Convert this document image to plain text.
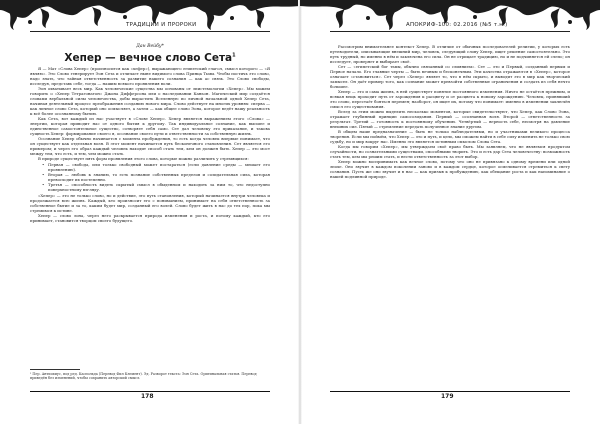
ТРАДИЦИИ И ПРОРОКИ
Дан Вейбу*
Хепер — вечное слово Сета$^1$

Я — Мат «Слова Хепер» (произносится как «хефер»), выражающего египетский глагол, смысл которого — «Я являю». Это Слово генерирует Эон Сета и отличает ныне видимого слова Принца Тьмы. Чтобы постичь это слово, надо знать, что тайная ответственность за развитие нашего сознания — как ас связь. Это Слово свободы, исследуя, представь себе, тогда — нашим всякого проявления воли.

Эон охватывает весь мир. Как человеческие существа мы основаны от эпистемологии «Хепер». Мы можем говорить о «Хепер Тетрагонатон» Джона Дифферсона или о наследовании Каньон. Магический мир создаётся словами вербальной силы человечества, добы вырастить Вселенную по личной начальной одной Хепер Сета, начиная деятельный процесс преображения созданию нового мира. Слово действует на многих уровнях: сперва — как личное слово Сета, который оно осмысляет, а затем — как общее слово Эона, которое ведёт нашу реальность к всё более осознанному бытию.

Как Сета, вот каждый из нас участвует в «Слове Хепер». Хепер является выражением этого «Слова» — энергии, которая приводит нас от одного бытия к другому. Так индивидуальное сознание, как высшее и единственное самостоятельное существо, сотворяет себя само. Сет дал человеку это приказание, и такова сущность Хепер: формирование своего я, осознание своего пути и ответственности за собственную жизнь.

Осознание Хепер обычно начинается с момента пробуждения, то есть когда человек впервые понимает, что он существует как отдельная воля. В этот момент начинается путь бесконечного становления. Сет является его примером; и через его образ каждый человек находит способ стать тем, кем он должен быть. Хепер — это мост между тем, что есть, и тем, чем можно стать.

В природе существует пять форм проявления этого слова, которые можно различить у стремящихся:

• Первая — свобода, или только свободный может постараться (если давление среды — мешает его проявлению).
• Вторая — любовь к знанию, то есть познание собственных пределов и созидательная сила, которая превосходит их постепенно.
• Третья — способность видеть скрытый смысл в обыденном и находить за ним то, что недоступно поверхностному взгляду.

«Хепер» — это не только слово, но и действие, это путь становления, который начинается внутри человека и продолжается всю жизнь. Каждый, кто произносит его с пониманием, принимает на себя ответственность за собственное бытие и за то, каким будет мир, созданный его волей. Слово будет жить в нас до тех пор, пока мы стремимся к истине.

Хепер — слово эона, через него раскрывается природа изменения и роста, и потому каждый, кто его принимает, становится творцом своего будущего.

¹ Пер. Антиохиус, под ред. Каспольда (Перевод Фил Клемент). Эд. Разворот текста: Эон Сета. Оригинальная статья. Перевод приведён без изменений, чтобы сохранить авторский смысл.
178
АПОКРИФ-100: 02.2016 (№5 т.н.)

Рассмотрим внимательнее контекст Хепер. В отличие от обычных последователей религии, у которых есть путеводители, описывающие внешний мир, человек, следующий слову Хепер, ищет решение самостоятельно. Это путь трудный, но именно в нём и заключена его сила. Он не отрицает традицию, но и не подчиняется ей слепо; он исследует, проверяет и выбирает своё.

Сет — «египетский бог тьмы, обычно связанный со слиянием». Сет — это и Первый, созданный первым и Первое начало. Его главные черты — быть вечным и бесконечным. Эти качества отражаются в «Хепер», которое означает «становиться». Сет через «Хепер» являет то, что в нём скрыто, и выводит это в мир как творческий замысел. Он даёт пример того, как сознание может превзойти собственные ограничения и создать из себя нечто большее.

Хепер — это и сама жизнь, в ней существует понятие постоянного изменения. Ничто не остаётся прежним, и всякая вещь проходит путь от зарождения к расцвету и от расцвета к новому зарождению. Человек, принявший это слово, перестаёт бояться перемен; наоборот, он ищет их, потому что понимает: именно в изменении заключён смысл его существования.

Вслед за этим можно выделить несколько моментов, которые свидетельствуют, что Хепер, как Слово Эона, отражает глубинный принцип самосозидания. Первый — осознанная воля. Второй — ответственность за результат. Третий — готовность к постоянному обучению. Четвёртый — верность себе, несмотря на давление внешних сил. Пятый — стремление передать полученное знание другим.

В общем наше предназначение — быть не только наблюдателями, но и участниками великого процесса творения. Если мы поймём, что Хепер — это и путь, и цель, мы сможем найти в себе силу изменить не только свою судьбу, но и мир вокруг нас. Именно это является истинным смыслом Слова Сета.

Когда мы говорим «Хепер», мы утверждаем своё право быть. Мы заявляем, что не являемся продуктом случайности, но сознательными существами, способными творить. Это и есть дар Сета человечеству: возможность стать тем, кем мы решим стать, и нести ответственность за этот выбор.

Хепер можно воспринимать как вечное слово, потому что оно не привязано к одному времени или одной эпохе. Оно звучит в каждом поколении заново и в каждом сердце, которое осмеливается стремиться к свету сознания. Пусть же оно звучит и в нас — как призыв к пробуждению, как обещание роста и как напоминание о нашей подлинной природе.

179
